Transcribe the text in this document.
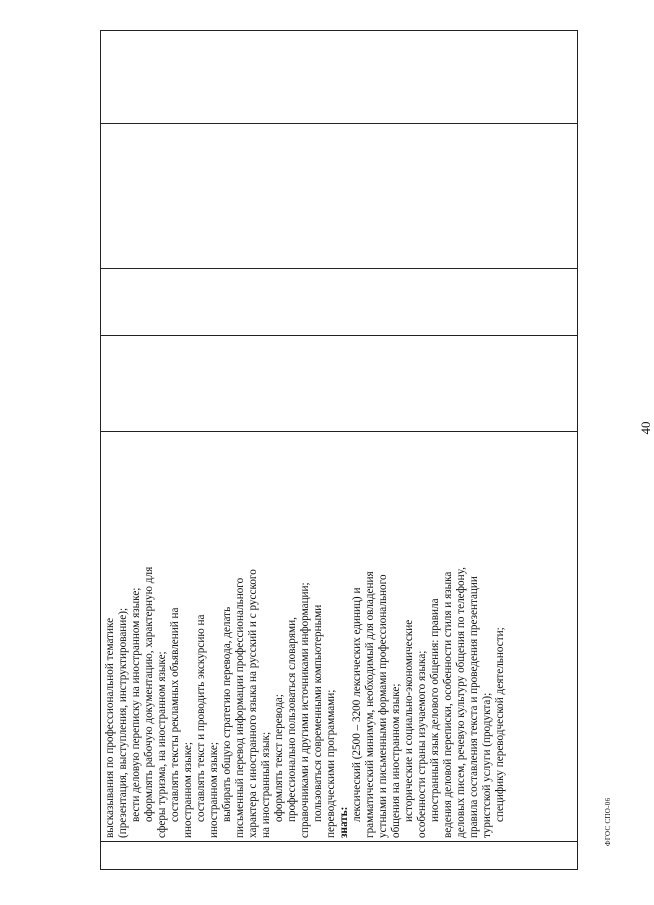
40
высказывания по профессиональной тематике (презентация, выступления, инструктирование); вести деловую переписку на иностранном языке; оформлять рабочую документацию, характерную для сферы туризма, на иностранном языке; составлять тексты рекламных объявлений на иностранном языке; составлять текст и проводить экскурсию на иностранном языке; выбирать общую стратегию перевода, делать письменный перевод информации профессионального характера с иностранного языка на русский и с русского на иностранный язык; оформлять текст перевода; профессионально пользоваться словарями, справочниками и другими источниками информации; пользоваться современными компьютерными переводческими программами; знать:
лексический (2500 – 3200 лексических единиц) и грамматический минимум, необходимый для овладения устными и письменными формами профессионального общения на иностранном языке; исторические и социально-экономические особенности страны изучаемого языка; иностранный язык делового общения: правила ведения деловой переписки, особенности стиля и языка деловых писем, речевую культуру общения по телефону, правила составления текста и проведения презентации туристской услуги (продукта); специфику переводческой деятельности;	ФГОС СПО-06
